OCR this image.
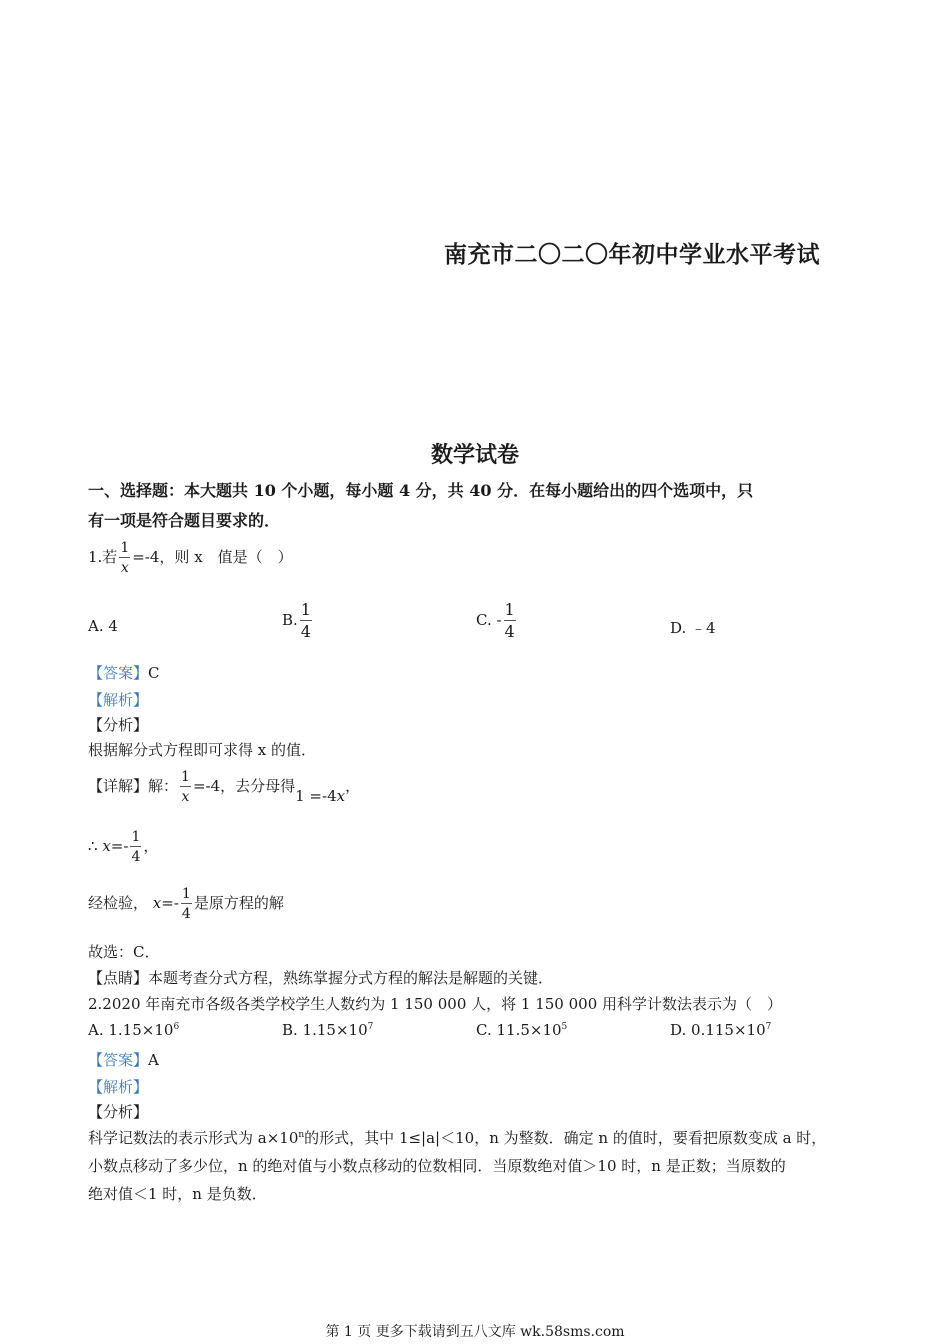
南充市二〇二〇年初中学业水平考试
数学试卷
一、选择题：本大题共 10 个小题，每小题 4 分，共 40 分．在每小题给出的四个选项中，只
有一项是符合题目要求的．
1.若 $\frac{1}{x} =-4$，则 x　值是（　）
A. 4	B. $\frac{1}{4}$	C. - $\frac{1}{4}$	D. ﹣4
【答案】C
【解析】
【分析】
根据解分式方程即可求得 x 的值．
【详解】解： $\frac{1}{x} =-4$，去分母得1 =-4x，
∴ $x=- \frac{1}{4}$ ，
经检验， $x=- \frac{1}{4}$ 是原方程的解
故选：C．
【点睛】本题考查分式方程，熟练掌握分式方程的解法是解题的关键．
2.2020 年南充市各级各类学校学生人数约为 1 150 000 人，将 1 150 000 用科学计数法表示为（　）
A. $1.15\times 10^6$	B. $1.15\times 10^7$	C. $11.5\times 10^5$	D. $0.115\times 10^7$
【答案】A
【解析】
【分析】
科学记数法的表示形式为 $a\times 10^n$的形式，其中 1≤|a|＜10，n 为整数．确定 n 的值时，要看把原数变成 a 时，
小数点移动了多少位，n 的绝对值与小数点移动的位数相同．当原数绝对值＞10 时，n 是正数；当原数的
绝对值＜1 时，n 是负数．
第 1 页 更多下载请到五八文库 wk.58sms.com
